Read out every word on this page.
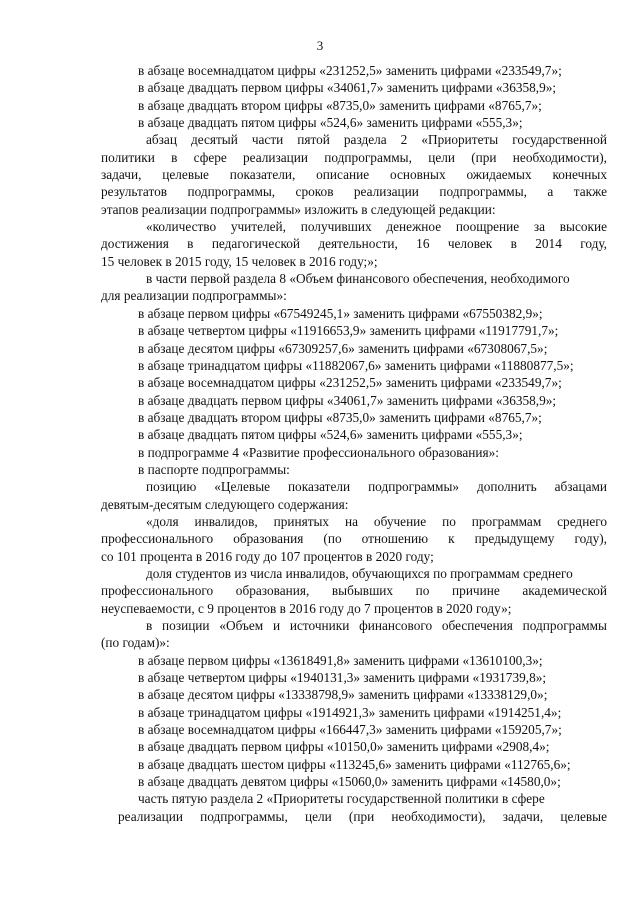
3
в абзаце восемнадцатом цифры «231252,5» заменить цифрами «233549,7»;
в абзаце двадцать первом цифры «34061,7» заменить цифрами «36358,9»;
в абзаце двадцать втором цифры «8735,0» заменить цифрами «8765,7»;
в абзаце двадцать пятом цифры «524,6» заменить цифрами «555,3»;
абзац десятый части пятой раздела 2 «Приоритеты государственной
политики в сфере реализации подпрограммы, цели (при необходимости),
задачи, целевые показатели, описание основных ожидаемых конечных
результатов подпрограммы, сроков реализации подпрограммы, а также
этапов реализации подпрограммы» изложить в следующей редакции:
«количество учителей, получивших денежное поощрение за высокие
достижения в педагогической деятельности, 16 человек в 2014 году,
15 человек в 2015 году, 15 человек в 2016 году;»;
в части первой раздела 8 «Объем финансового обеспечения, необходимого
для реализации подпрограммы»:
в абзаце первом цифры «67549245,1» заменить цифрами «67550382,9»;
в абзаце четвертом цифры «11916653,9» заменить цифрами «11917791,7»;
в абзаце десятом цифры «67309257,6» заменить цифрами «67308067,5»;
в абзаце тринадцатом цифры «11882067,6» заменить цифрами «11880877,5»;
в абзаце восемнадцатом цифры «231252,5» заменить цифрами «233549,7»;
в абзаце двадцать первом цифры «34061,7» заменить цифрами «36358,9»;
в абзаце двадцать втором цифры «8735,0» заменить цифрами «8765,7»;
в абзаце двадцать пятом цифры «524,6» заменить цифрами «555,3»;
в подпрограмме 4 «Развитие профессионального образования»:
в паспорте подпрограммы:
позицию «Целевые показатели подпрограммы» дополнить абзацами
девятым-десятым следующего содержания:
«доля инвалидов, принятых на обучение по программам среднего
профессионального образования (по отношению к предыдущему году),
со 101 процента в 2016 году до 107 процентов в 2020 году;
доля студентов из числа инвалидов, обучающихся по программам среднего
профессионального образования, выбывших по причине академической
неуспеваемости, с 9 процентов в 2016 году до 7 процентов в 2020 году»;
в позиции «Объем и источники финансового обеспечения подпрограммы
(по годам)»:
в абзаце первом цифры «13618491,8» заменить цифрами «13610100,3»;
в абзаце четвертом цифры «1940131,3» заменить цифрами «1931739,8»;
в абзаце десятом цифры «13338798,9» заменить цифрами «13338129,0»;
в абзаце тринадцатом цифры «1914921,3» заменить цифрами «1914251,4»;
в абзаце восемнадцатом цифры «166447,3» заменить цифрами «159205,7»;
в абзаце двадцать первом цифры «10150,0» заменить цифрами «2908,4»;
в абзаце двадцать шестом цифры «113245,6» заменить цифрами «112765,6»;
в абзаце двадцать девятом цифры «15060,0» заменить цифрами «14580,0»;
часть пятую раздела 2 «Приоритеты государственной политики в сфере
реализации подпрограммы, цели (при необходимости), задачи, целевые
